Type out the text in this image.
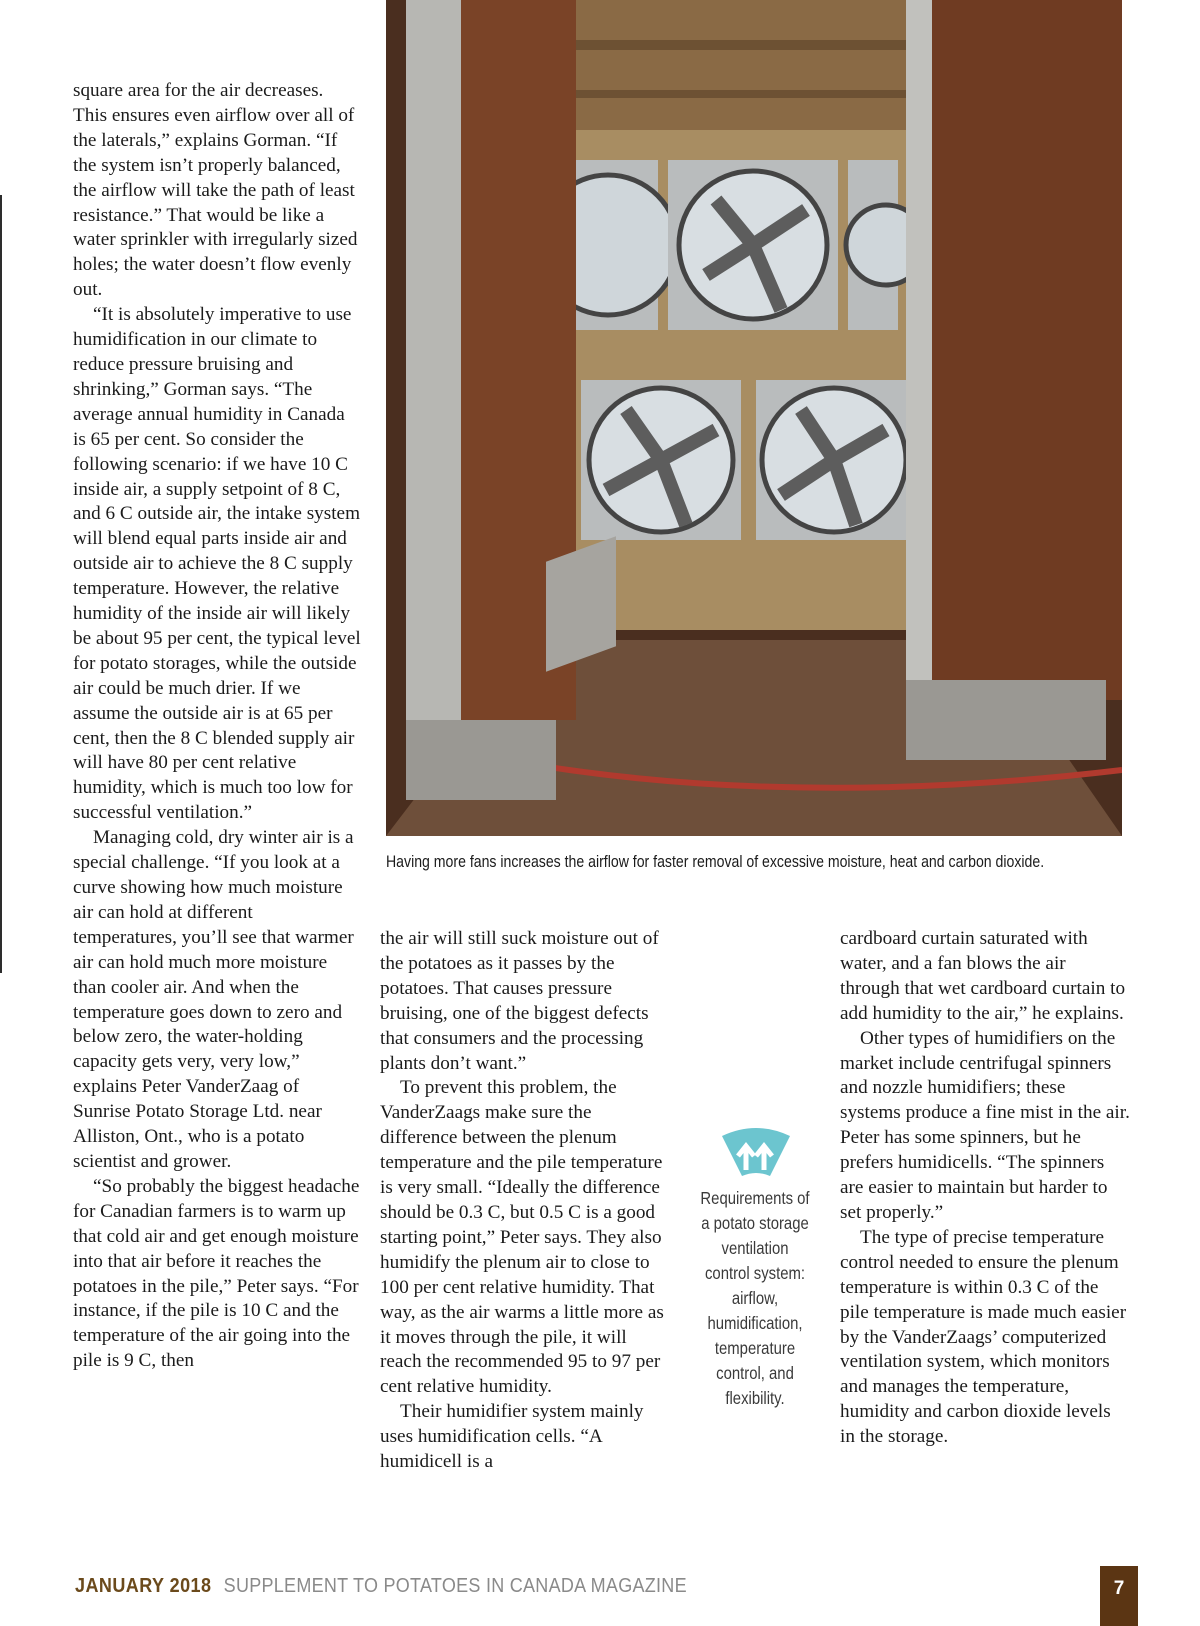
square area for the air decreases. This ensures even airflow over all of the laterals,” explains Gorman. “If the system isn’t properly balanced, the airflow will take the path of least resistance.” That would be like a water sprinkler with irregularly sized holes; the water doesn’t flow evenly out.

“It is absolutely imperative to use humidification in our climate to reduce pressure bruising and shrinking,” Gorman says. “The average annual humidity in Canada is 65 per cent. So consider the following scenario: if we have 10 C inside air, a supply setpoint of 8 C, and 6 C outside air, the intake system will blend equal parts inside air and outside air to achieve the 8 C supply temperature. However, the relative humidity of the inside air will likely be about 95 per cent, the typical level for potato storages, while the outside air could be much drier. If we assume the outside air is at 65 per cent, then the 8 C blended supply air will have 80 per cent relative humidity, which is much too low for successful ventilation.”

Managing cold, dry winter air is a special challenge. “If you look at a curve showing how much moisture air can hold at different temperatures, you’ll see that warmer air can hold much more moisture than cooler air. And when the temperature goes down to zero and below zero, the water-holding capacity gets very, very low,” explains Peter VanderZaag of Sunrise Potato Storage Ltd. near Alliston, Ont., who is a potato scientist and grower.

“So probably the biggest headache for Canadian farmers is to warm up that cold air and get enough moisture into that air before it reaches the potatoes in the pile,” Peter says. “For instance, if the pile is 10 C and the temperature of the air going into the pile is 9 C, then

Having more fans increases the airflow for faster removal of excessive moisture, heat and carbon dioxide.

the air will still suck moisture out of the potatoes as it passes by the potatoes. That causes pressure bruising, one of the biggest defects that consumers and the processing plants don’t want.”

To prevent this problem, the VanderZaags make sure the difference between the plenum temperature and the pile temperature is very small. “Ideally the difference should be 0.3 C, but 0.5 C is a good starting point,” Peter says. They also humidify the plenum air to close to 100 per cent relative humidity. That way, as the air warms a little more as it moves through the pile, it will reach the recommended 95 to 97 per cent relative humidity.

Their humidifier system mainly uses humidification cells. “A humidicell is a

Requirements of a potato storage ventilation control system: airflow, humidification, temperature control, and flexibility.

cardboard curtain saturated with water, and a fan blows the air through that wet cardboard curtain to add humidity to the air,” he explains.

Other types of humidifiers on the market include centrifugal spinners and nozzle humidifiers; these systems produce a fine mist in the air. Peter has some spinners, but he prefers humidicells. “The spinners are easier to maintain but harder to set properly.”

The type of precise temperature control needed to ensure the plenum temperature is within 0.3 C of the pile temperature is made much easier by the VanderZaags’ computerized ventilation system, which monitors and manages the temperature, humidity and carbon dioxide levels in the storage.

JANUARY 2018 SUPPLEMENT TO POTATOES IN CANADA MAGAZINE	7
